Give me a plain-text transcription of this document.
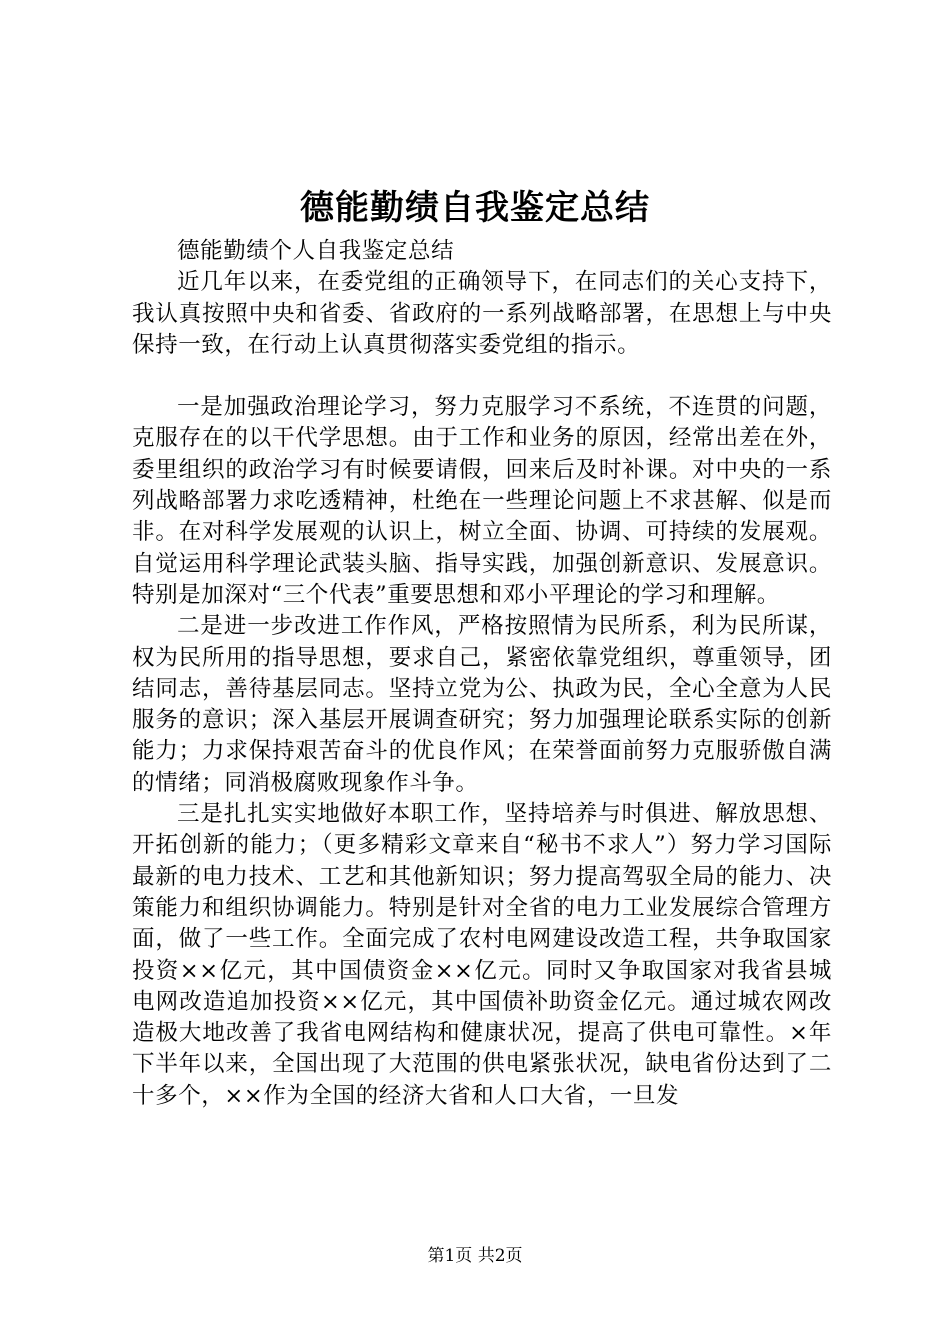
德能勤绩自我鉴定总结

德能勤绩个人自我鉴定总结

近几年以来，在委党组的正确领导下，在同志们的关心支持下，我认真按照中央和省委、省政府的一系列战略部署，在思想上与中央保持一致，在行动上认真贯彻落实委党组的指示。

一是加强政治理论学习，努力克服学习不系统，不连贯的问题，克服存在的以干代学思想。由于工作和业务的原因，经常出差在外，委里组织的政治学习有时候要请假，回来后及时补课。对中央的一系列战略部署力求吃透精神，杜绝在一些理论问题上不求甚解、似是而非。在对科学发展观的认识上，树立全面、协调、可持续的发展观。自觉运用科学理论武装头脑、指导实践，加强创新意识、发展意识。特别是加深对“三个代表”重要思想和邓小平理论的学习和理解。

二是进一步改进工作作风，严格按照情为民所系，利为民所谋，权为民所用的指导思想，要求自己，紧密依靠党组织，尊重领导，团结同志，善待基层同志。坚持立党为公、执政为民，全心全意为人民服务的意识；深入基层开展调查研究；努力加强理论联系实际的创新能力；力求保持艰苦奋斗的优良作风；在荣誉面前努力克服骄傲自满的情绪；同消极腐败现象作斗争。

三是扎扎实实地做好本职工作，坚持培养与时俱进、解放思想、开拓创新的能力；（更多精彩文章来自“秘书不求人”）努力学习国际最新的电力技术、工艺和其他新知识；努力提高驾驭全局的能力、决策能力和组织协调能力。特别是针对全省的电力工业发展综合管理方面，做了一些工作。全面完成了农村电网建设改造工程，共争取国家投资××亿元，其中国债资金××亿元。同时又争取国家对我省县城电网改造追加投资××亿元，其中国债补助资金亿元。通过城农网改造极大地改善了我省电网结构和健康状况，提高了供电可靠性。×年下半年以来，全国出现了大范围的供电紧张状况，缺电省份达到了二十多个，××作为全国的经济大省和人口大省，一旦发

第1页 共2页
